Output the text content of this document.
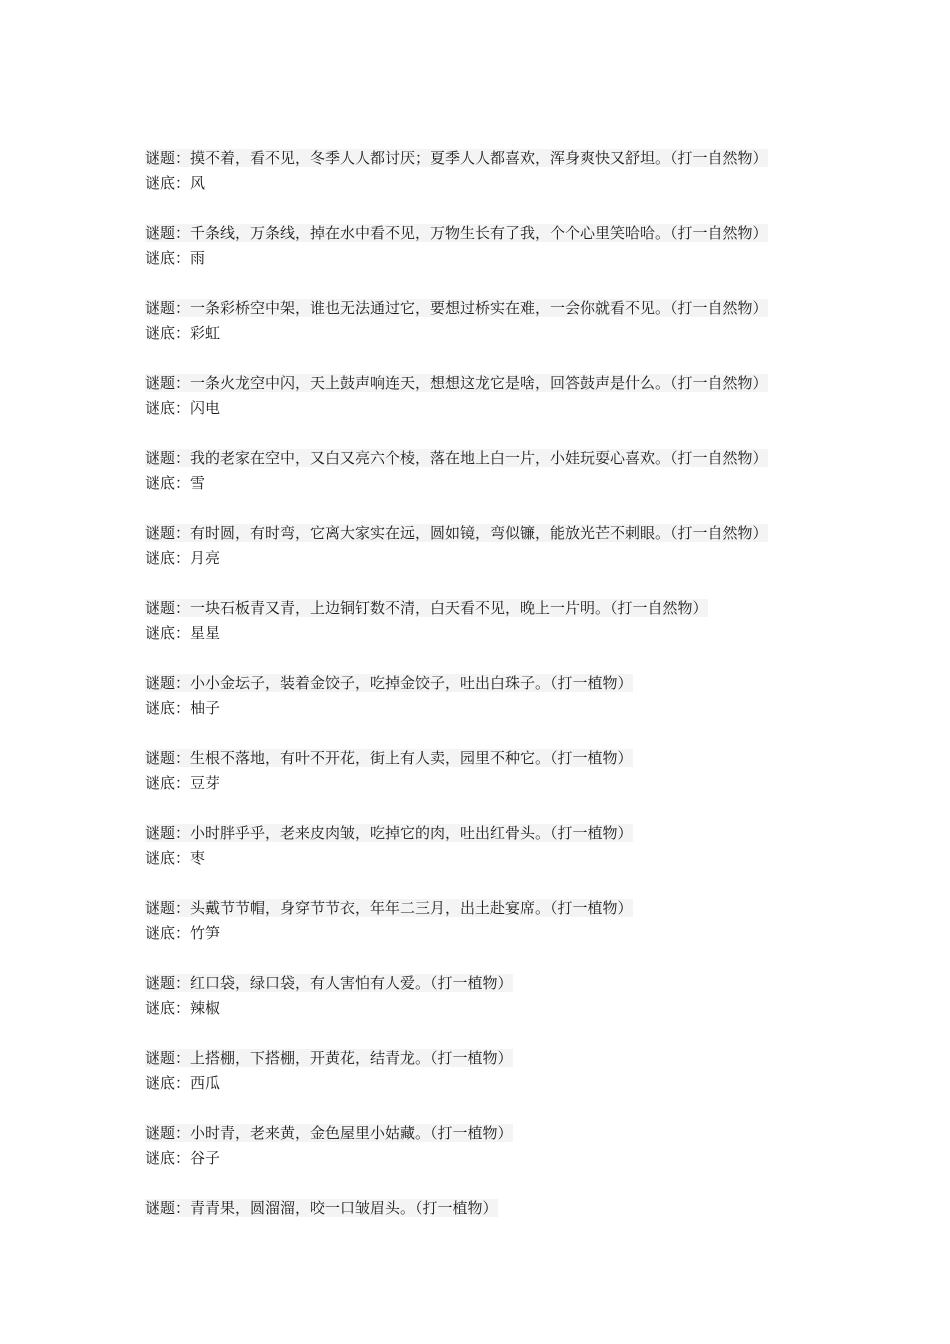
谜题：摸不着，看不见，冬季人人都讨厌；夏季人人都喜欢，浑身爽快又舒坦。（打一自然物）
谜底：风
谜题：千条线，万条线，掉在水中看不见，万物生长有了我，个个心里笑哈哈。（打一自然物）
谜底：雨
谜题：一条彩桥空中架，谁也无法通过它，要想过桥实在难，一会你就看不见。（打一自然物）
谜底：彩虹
谜题：一条火龙空中闪，天上鼓声响连天，想想这龙它是啥，回答鼓声是什么。（打一自然物）
谜底：闪电
谜题：我的老家在空中，又白又亮六个棱，落在地上白一片，小娃玩耍心喜欢。（打一自然物）
谜底：雪
谜题：有时圆，有时弯，它离大家实在远，圆如镜，弯似镰，能放光芒不刺眼。（打一自然物）
谜底：月亮
谜题：一块石板青又青，上边铜钉数不清，白天看不见，晚上一片明。（打一自然物）
谜底：星星
谜题：小小金坛子，装着金饺子，吃掉金饺子，吐出白珠子。（打一植物）
谜底：柚子
谜题：生根不落地，有叶不开花，街上有人卖，园里不种它。（打一植物）
谜底：豆芽
谜题：小时胖乎乎，老来皮肉皱，吃掉它的肉，吐出红骨头。（打一植物）
谜底：枣
谜题：头戴节节帽，身穿节节衣，年年二三月，出土赴宴席。（打一植物）
谜底：竹笋
谜题：红口袋，绿口袋，有人害怕有人爱。（打一植物）
谜底：辣椒
谜题：上搭棚，下搭棚，开黄花，结青龙。（打一植物）
谜底：西瓜
谜题：小时青，老来黄，金色屋里小姑藏。（打一植物）
谜底：谷子
谜题：青青果，圆溜溜，咬一口皱眉头。（打一植物）
